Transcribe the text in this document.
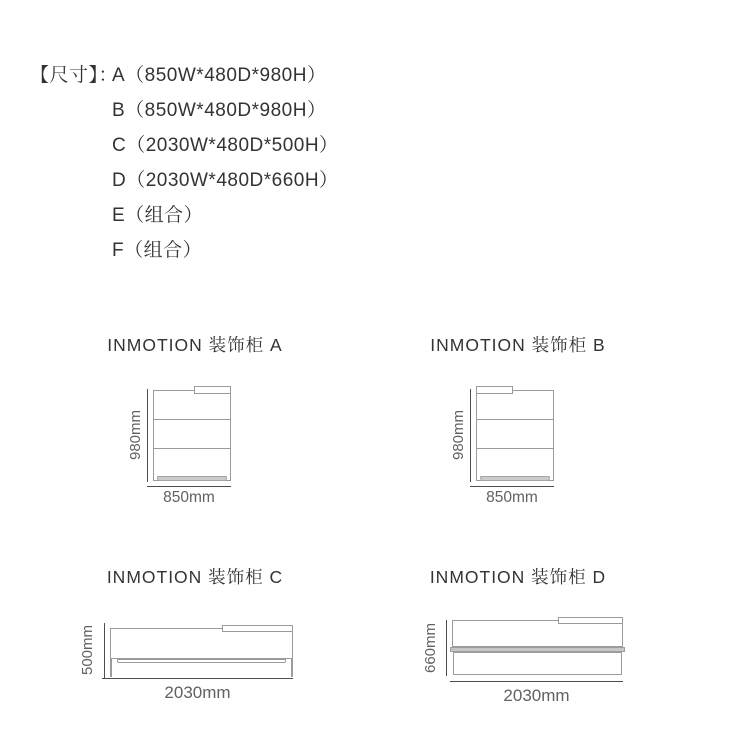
【尺寸】：A（850W*480D*980H）
B（850W*480D*980H）
C（2030W*480D*500H）
D（2030W*480D*660H）
E（组合）
F（组合）
INMOTION 装饰柜 A	INMOTION 装饰柜 B
INMOTION 装饰柜 C	INMOTION 装饰柜 D
980mm
850mm
980mm
850mm
500mm
2030mm
660mm
2030mm
